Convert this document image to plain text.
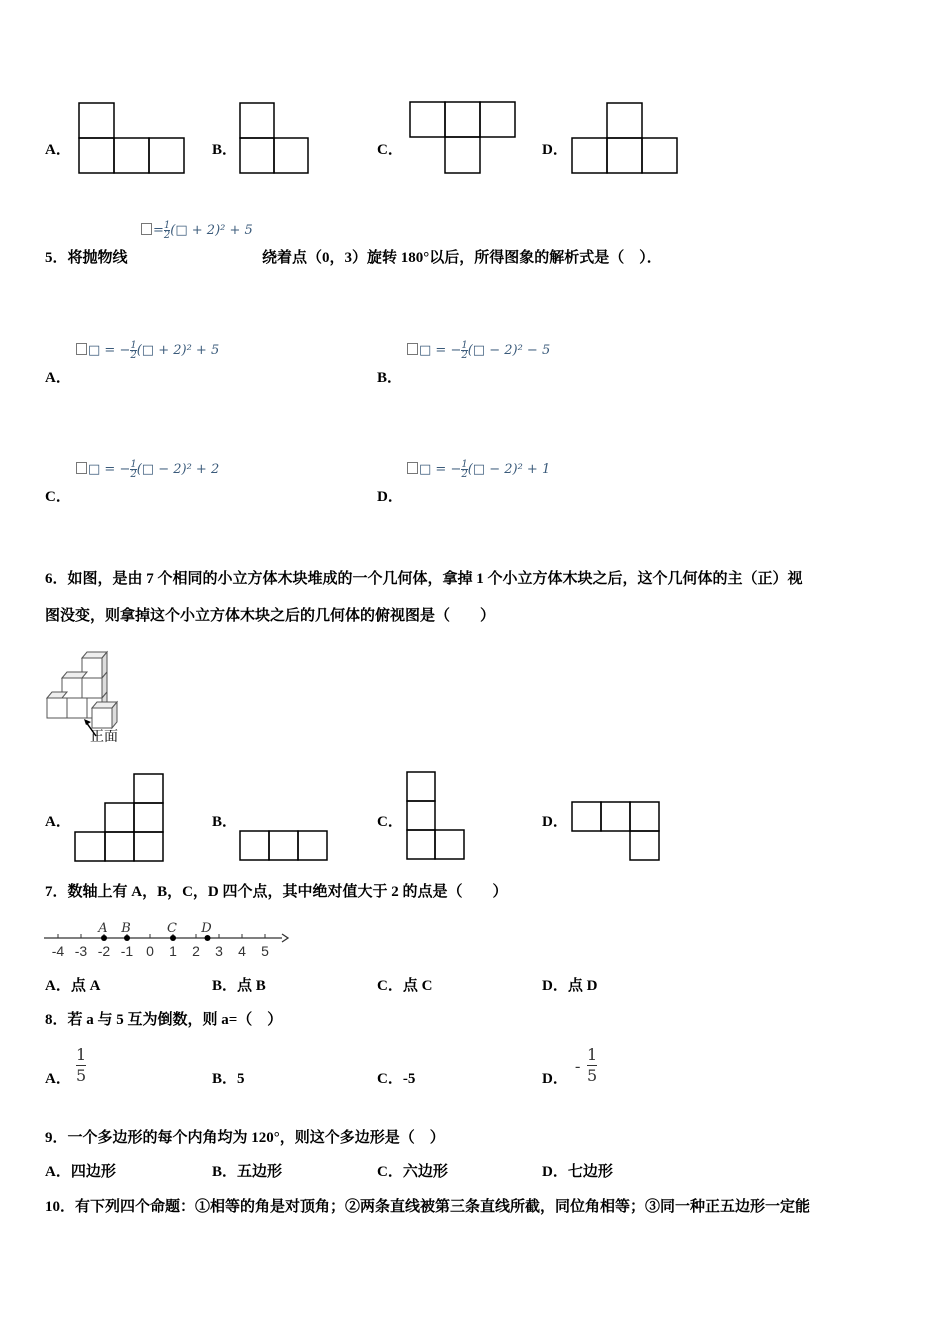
A．	B．	C．	D．
= $\frac{1}{2}$ (□ + 2)² + 5
5．将抛物线	绕着点（0，3）旋转 180°以后，所得图象的解析式是（　）．
□ = − $\frac{1}{2}$ (□ + 2)² + 5
A．
□ = − $\frac{1}{2}$ (□ − 2)² − 5
B．
□ = − $\frac{1}{2}$ (□ − 2)² + 2
C．
□ = − $\frac{1}{2}$ (□ − 2)² + 1
D．
6．如图，是由 7 个相同的小立方体木块堆成的一个几何体，拿掉 1 个小立方体木块之后，这个几何体的主（正）视
图没变，则拿掉这个小立方体木块之后的几何体的俯视图是（　　）
正面
A．	B．	C．	D．
7．数轴上有 A，B，C，D 四个点，其中绝对值大于 2 的点是（　　）
-4 -3 -2 -1 0 1 2 3 4 5
A B	C D
A．点 A	B．点 B	C．点 C	D．点 D
8．若 a 与 5 互为倒数，则 a=（　）
A． $\frac{1}{5}$	B．5	C．-5	D．
- $\frac{1}{5}$
9．一个多边形的每个内角均为 120°，则这个多边形是（　）
A．四边形	B．五边形	C．六边形	D．七边形
10．有下列四个命题：①相等的角是对顶角；②两条直线被第三条直线所截，同位角相等；③同一种正五边形一定能
